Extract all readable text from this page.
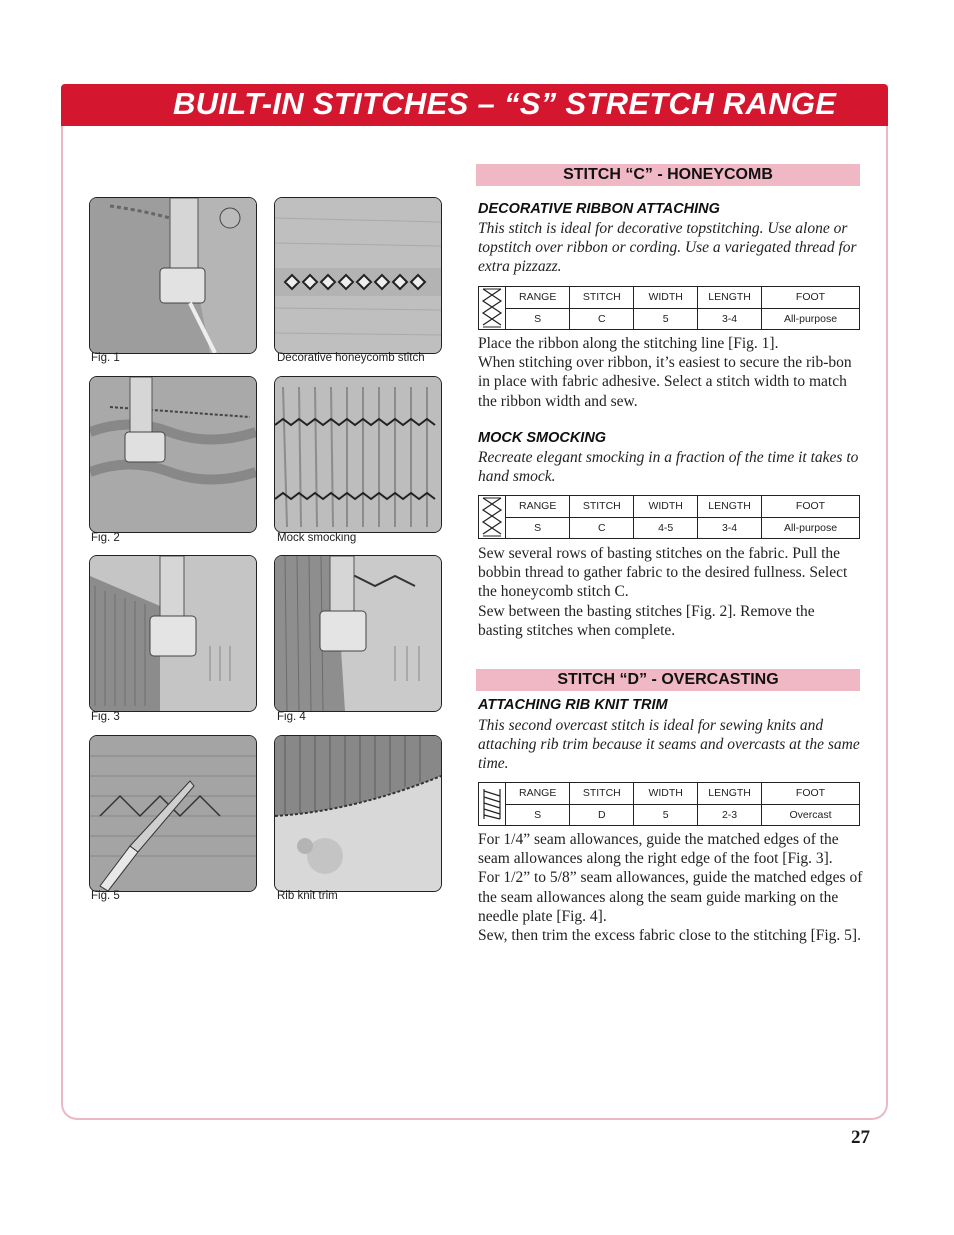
BUILT-IN STITCHES – “S” STRETCH RANGE
Fig. 1
Fig. 2
Fig. 3
Fig. 5
Decorative honeycomb stitch
Mock smocking
Fig. 4
Rib knit trim
STITCH “C” - HONEYCOMB
DECORATIVE RIBBON ATTACHING

This stitch is ideal for decorative topstitching. Use alone or topstitch over ribbon or cording. Use a variegated thread for extra pizzazz.

RANGE	STITCH	WIDTH	LENGTH	FOOT
S	C	5	3-4	All-purpose
Place the ribbon along the stitching line [Fig. 1].
When stitching over ribbon, it’s easiest to secure the rib-bon in place with fabric adhesive. Select a stitch width to match the ribbon width and sew.
MOCK SMOCKING

Recreate elegant smocking in a fraction of the time it takes to hand smock.

RANGE	STITCH	WIDTH	LENGTH	FOOT
S	C	4-5	3-4	All-purpose
Sew several rows of basting stitches on the fabric. Pull the bobbin thread to gather fabric to the desired fullness. Select the honeycomb stitch C.
Sew between the basting stitches [Fig. 2]. Remove the basting stitches when complete.
STITCH “D” - OVERCASTING
ATTACHING RIB KNIT TRIM

This second overcast stitch is ideal for sewing knits and attaching rib trim because it seams and overcasts at the same time.

RANGE	STITCH	WIDTH	LENGTH	FOOT
S	D	5	2-3	Overcast
For 1/4” seam allowances, guide the matched edges of the seam allowances along the right edge of the foot [Fig. 3].
For 1/2” to 5/8” seam allowances, guide the matched edges of the seam allowances along the seam guide marking on the needle plate [Fig. 4].
Sew, then trim the excess fabric close to the stitching [Fig. 5].
27
